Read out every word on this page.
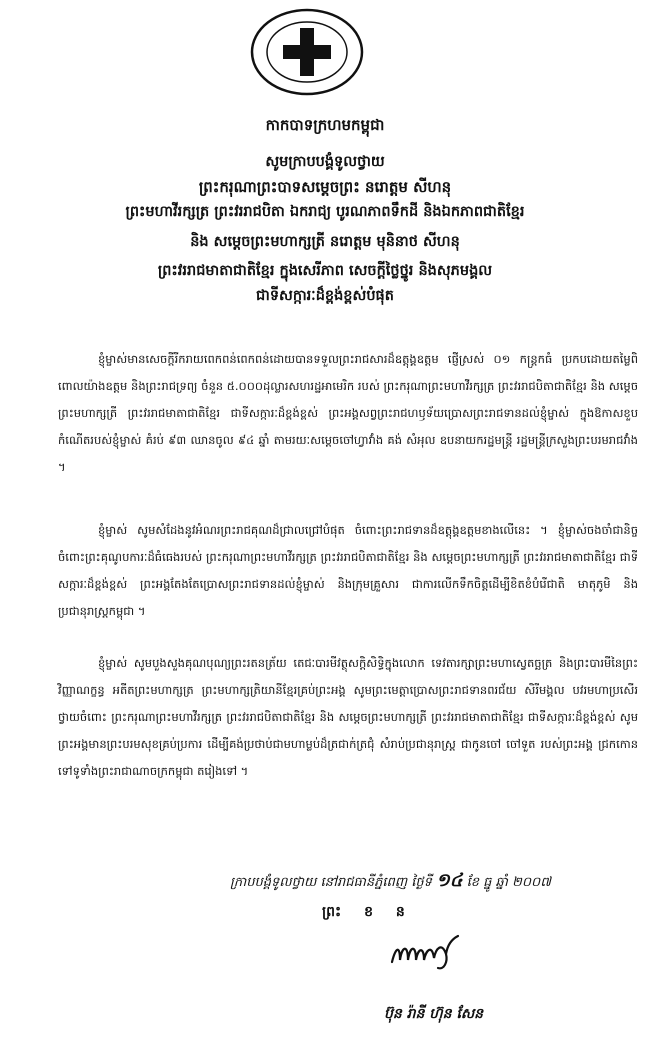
កាកបាទក្រហមកម្ពុជា
សូមក្រាបបង្គំទូលថ្វាយ
ព្រះករុណាព្រះបាទសម្តេចព្រះ នរោត្តម សីហនុ
ព្រះមហាវីរក្សត្រ ព្រះវររាជបិតា ឯករាជ្យ បូរណភាពទឹកដី និងឯកភាពជាតិខ្មែរ
និង សម្តេចព្រះមហាក្សត្រី នរោត្តម មុនិនាថ សីហនុ
ព្រះវររាជមាតាជាតិខ្មែរ ក្នុងសេរីភាព សេចក្តីថ្លៃថ្នូរ និងសុភមង្គល
ជាទីសក្ការៈដ៏ខ្ពង់ខ្ពស់បំផុត

ខ្ញុំម្ចាស់មានសេចក្តីរីករាយពេកពន់ពេកពន់ដោយបានទទួលព្រះរាជសារដ៏ឧត្តុង្គឧត្តម ផ្ញើស្រស់ ០១ កន្ត្រកធំ ប្រកបដោយតម្លៃពិពោលយ៉ាងឧត្តម និងព្រះរាជទ្រព្យ ចំនួន ៥.០០០ដុល្លារសហរដ្ឋអាមេរិក របស់ ព្រះករុណាព្រះមហាវីរក្សត្រ ព្រះវររាជបិតាជាតិខ្មែរ និង សម្តេចព្រះមហាក្សត្រី ព្រះវររាជមាតាជាតិខ្មែរ ជាទីសក្ការៈដ៏ខ្ពង់ខ្ពស់ ព្រះអង្គសព្វព្រះរាជហឫទ័យប្រោសព្រះរាជទានដល់ខ្ញុំម្ចាស់ ក្នុងឱកាសខួបកំណើតរបស់ខ្ញុំម្ចាស់ គំរប់ ៩៣ ឈានចូល ៩៤ ឆ្នាំ តាមរយៈសម្តេចចៅហ្វាវាំង គង់ សំអុល ឧបនាយករដ្ឋមន្ត្រី រដ្ឋមន្ត្រីក្រសួងព្រះបរមរាជវាំង ។

ខ្ញុំម្ចាស់ សូមសំដែងនូវអំណរព្រះរាជគុណដ៏ជ្រាលជ្រៅបំផុត ចំពោះព្រះរាជទានដ៏ឧត្តុង្គឧត្តមខាងលើនេះ ។ ខ្ញុំម្ចាស់ចងចាំជានិច្ចចំពោះព្រះគុណូបការៈដ៏ធំធេងរបស់ ព្រះករុណាព្រះមហាវីរក្សត្រ ព្រះវររាជបិតាជាតិខ្មែរ និង សម្តេចព្រះមហាក្សត្រី ព្រះវររាជមាតាជាតិខ្មែរ ជាទីសក្ការៈដ៏ខ្ពង់ខ្ពស់ ព្រះអង្គតែងតែប្រោសព្រះរាជទានដល់ខ្ញុំម្ចាស់ និងក្រុមគ្រួសារ ជាការលើកទឹកចិត្តដើម្បីខិតខំបំរើជាតិ មាតុភូមិ និងប្រជានុរាស្ត្រកម្ពុជា ។

ខ្ញុំម្ចាស់ សូមបួងសួងគុណបុណ្យព្រះរតនត្រ័យ តេជៈបារមីវត្ថុសក្តិសិទ្ធិក្នុងលោក ទេវតារក្សាព្រះមហាស្វេតច្ឆត្រ និងព្រះបារមីនៃព្រះវិញ្ញាណក្ខន្ធ អតីតព្រះមហាក្សត្រ ព្រះមហាក្សត្រិយានីខ្មែរគ្រប់ព្រះអង្គ សូមព្រះមេត្តាប្រោសព្រះរាជទានពរជ័យ សិរីមង្គល បវរមហាប្រសើរ ថ្វាយចំពោះ ព្រះករុណាព្រះមហាវីរក្សត្រ ព្រះវររាជបិតាជាតិខ្មែរ និង សម្តេចព្រះមហាក្សត្រី ព្រះវររាជមាតាជាតិខ្មែរ ជាទីសក្ការៈដ៏ខ្ពង់ខ្ពស់ សូមព្រះអង្គមានព្រះបរមសុខគ្រប់ប្រការ ដើម្បីគង់ប្រថាប់ជាមហាម្លប់ដ៏ត្រជាក់ត្រជុំ សំរាប់ប្រជានុរាស្ត្រ ជាកូនចៅ ចៅទួត របស់ព្រះអង្គ ជ្រកកោនទៅទូទាំងព្រះរាជាណាចក្រកម្ពុជា តរៀងទៅ ។

ក្រាបបង្គំទូលថ្វាយ នៅរាជធានីភ្នំពេញ ថ្ងៃទី ១៤ ខែ ធ្នូ ឆ្នាំ ២០០៧
ព្រះ ខ ន
ប៊ុន រ៉ានី ហ៊ុន សែន
